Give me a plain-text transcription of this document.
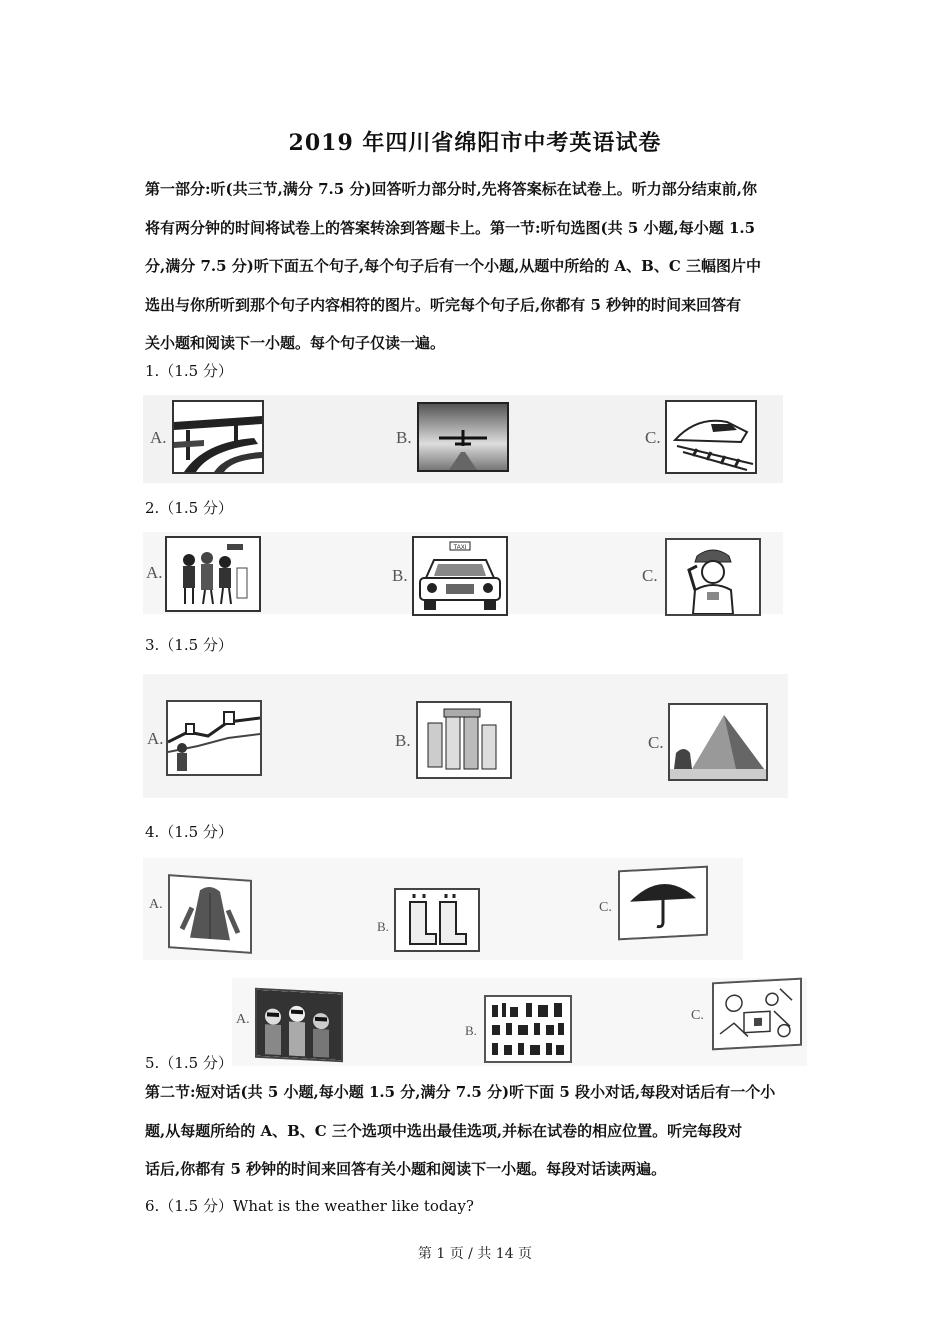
2019 年四川省绵阳市中考英语试卷
第一部分:听(共三节,满分 7.5 分)回答听力部分时,先将答案标在试卷上。听力部分结束前,你
将有两分钟的时间将试卷上的答案转涂到答题卡上。第一节:听句选图(共 5 小题,每小题 1.5
分,满分 7.5 分)听下面五个句子,每个句子后有一个小题,从题中所给的 A、B、C 三幅图片中
选出与你所听到那个句子内容相符的图片。听完每个句子后,你都有 5 秒钟的时间来回答有
关小题和阅读下一小题。每个句子仅读一遍。
1.（1.5 分）
A.	B.	C.
2.（1.5 分）
A.	B.
TAXI
C.
3.（1.5 分）
A.	B.	C.
4.（1.5 分）
A.
B.
C.
A.
B.
C.
5.（1.5 分）
第二节:短对话(共 5 小题,每小题 1.5 分,满分 7.5 分)听下面 5 段小对话,每段对话后有一个小
题,从每题所给的 A、B、C 三个选项中选出最佳选项,并标在试卷的相应位置。听完每段对
话后,你都有 5 秒钟的时间来回答有关小题和阅读下一小题。每段对话读两遍。
6.（1.5 分）What is the weather like today?
第 1 页 / 共 14 页
